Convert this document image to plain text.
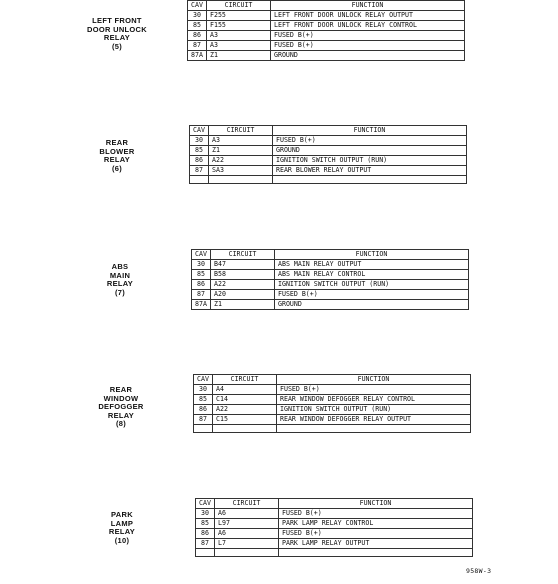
LEFT FRONT
DOOR UNLOCK
RELAY
(5)
CAV	CIRCUIT	FUNCTION
30	F255	LEFT FRONT DOOR UNLOCK RELAY OUTPUT
85	F155	LEFT FRONT DOOR UNLOCK RELAY CONTROL
86	A3	FUSED B(+)
87	A3	FUSED B(+)
87A	Z1	GROUND
REAR
BLOWER
RELAY
(6)
CAV	CIRCUIT	FUNCTION
30	A3	FUSED B(+)
85	Z1	GROUND
86	A22	IGNITION SWITCH OUTPUT (RUN)
87	SA3	REAR BLOWER RELAY OUTPUT

ABS
MAIN
RELAY
(7)
CAV	CIRCUIT	FUNCTION
30	B47	ABS MAIN RELAY OUTPUT
85	B58	ABS MAIN RELAY CONTROL
86	A22	IGNITION SWITCH OUTPUT (RUN)
87	A20	FUSED B(+)
87A	Z1	GROUND
REAR
WINDOW
DEFOGGER
RELAY
(8)
CAV	CIRCUIT	FUNCTION
30	A4	FUSED B(+)
85	C14	REAR WINDOW DEFOGGER RELAY CONTROL
86	A22	IGNITION SWITCH OUTPUT (RUN)
87	C15	REAR WINDOW DEFOGGER RELAY OUTPUT

PARK
LAMP
RELAY
(10)
CAV	CIRCUIT	FUNCTION
30	A6	FUSED B(+)
85	L97	PARK LAMP RELAY CONTROL
86	A6	FUSED B(+)
87	L7	PARK LAMP RELAY OUTPUT

958W-3
